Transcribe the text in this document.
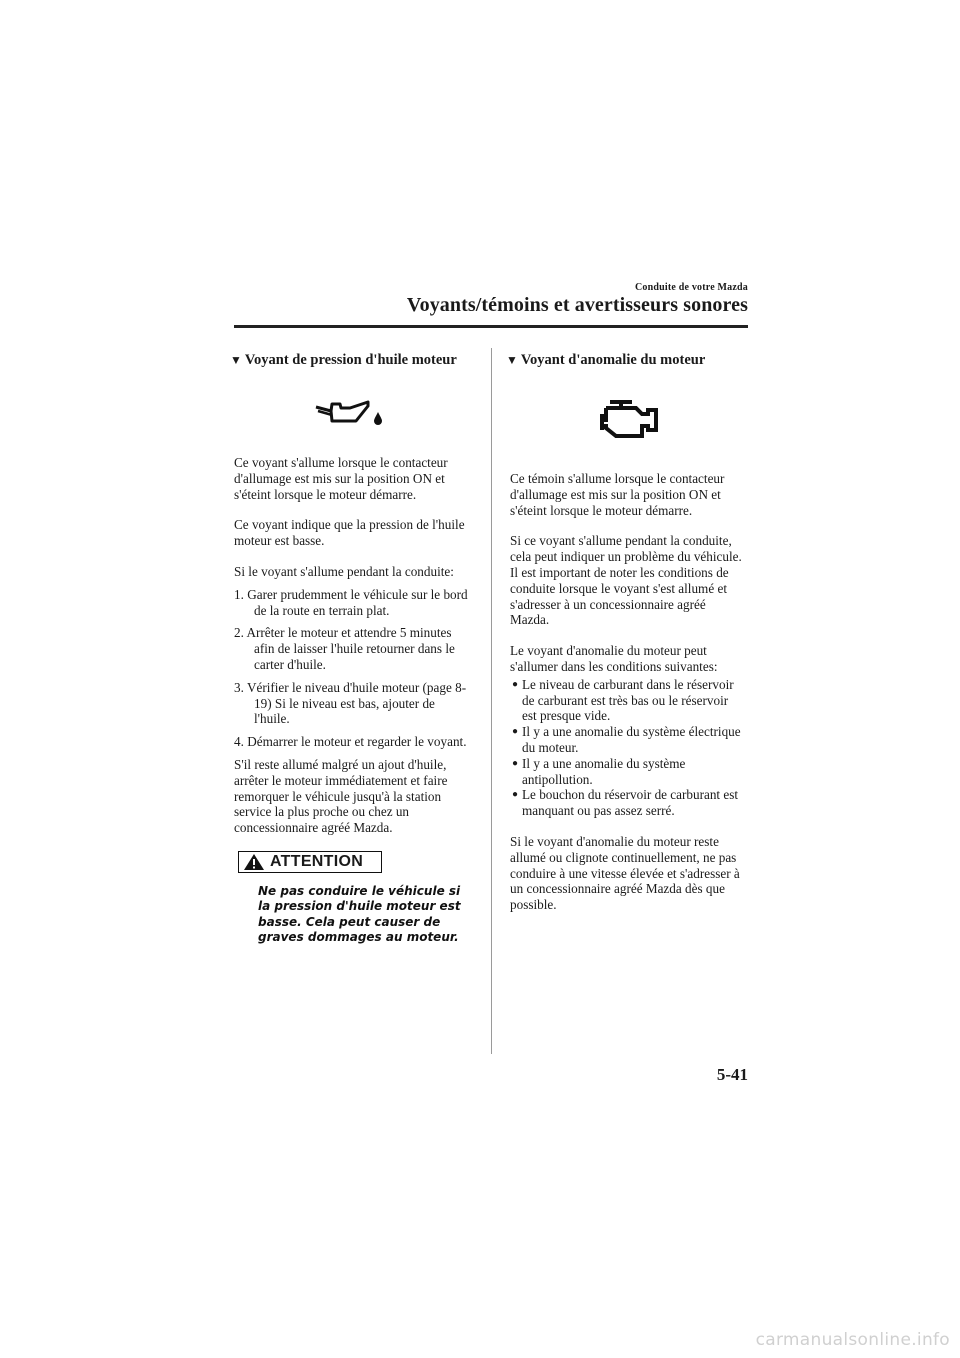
Conduite de votre Mazda
Voyants/témoins et avertisseurs sonores
▼ Voyant de pression d'huile moteur

Ce voyant s'allume lorsque le contacteur d'allumage est mis sur la position ON et s'éteint lorsque le moteur démarre.

Ce voyant indique que la pression de l'huile moteur est basse.

Si le voyant s'allume pendant la conduite:

1. Garer prudemment le véhicule sur le bord de la route en terrain plat.
2. Arrêter le moteur et attendre 5 minutes afin de laisser l'huile retourner dans le carter d'huile.
3. Vérifier le niveau d'huile moteur (page 8-19) Si le niveau est bas, ajouter de l'huile.
4. Démarrer le moteur et regarder le voyant.

S'il reste allumé malgré un ajout d'huile, arrêter le moteur immédiatement et faire remorquer le véhicule jusqu'à la station service la plus proche ou chez un concessionnaire agréé Mazda.

ATTENTION
Ne pas conduire le véhicule si la pression d'huile moteur est basse. Cela peut causer de graves dommages au moteur.
▼ Voyant d'anomalie du moteur

Ce témoin s'allume lorsque le contacteur d'allumage est mis sur la position ON et s'éteint lorsque le moteur démarre.

Si ce voyant s'allume pendant la conduite, cela peut indiquer un problème du véhicule. Il est important de noter les conditions de conduite lorsque le voyant s'est allumé et s'adresser à un concessionnaire agréé Mazda.

Le voyant d'anomalie du moteur peut s'allumer dans les conditions suivantes:

● Le niveau de carburant dans le réservoir de carburant est très bas ou le réservoir est presque vide.
● Il y a une anomalie du système électrique du moteur.
● Il y a une anomalie du système antipollution.
● Le bouchon du réservoir de carburant est manquant ou pas assez serré.

Si le voyant d'anomalie du moteur reste allumé ou clignote continuellement, ne pas conduire à une vitesse élevée et s'adresser à un concessionnaire agréé Mazda dès que possible.

5-41
carmanualsonline.info
